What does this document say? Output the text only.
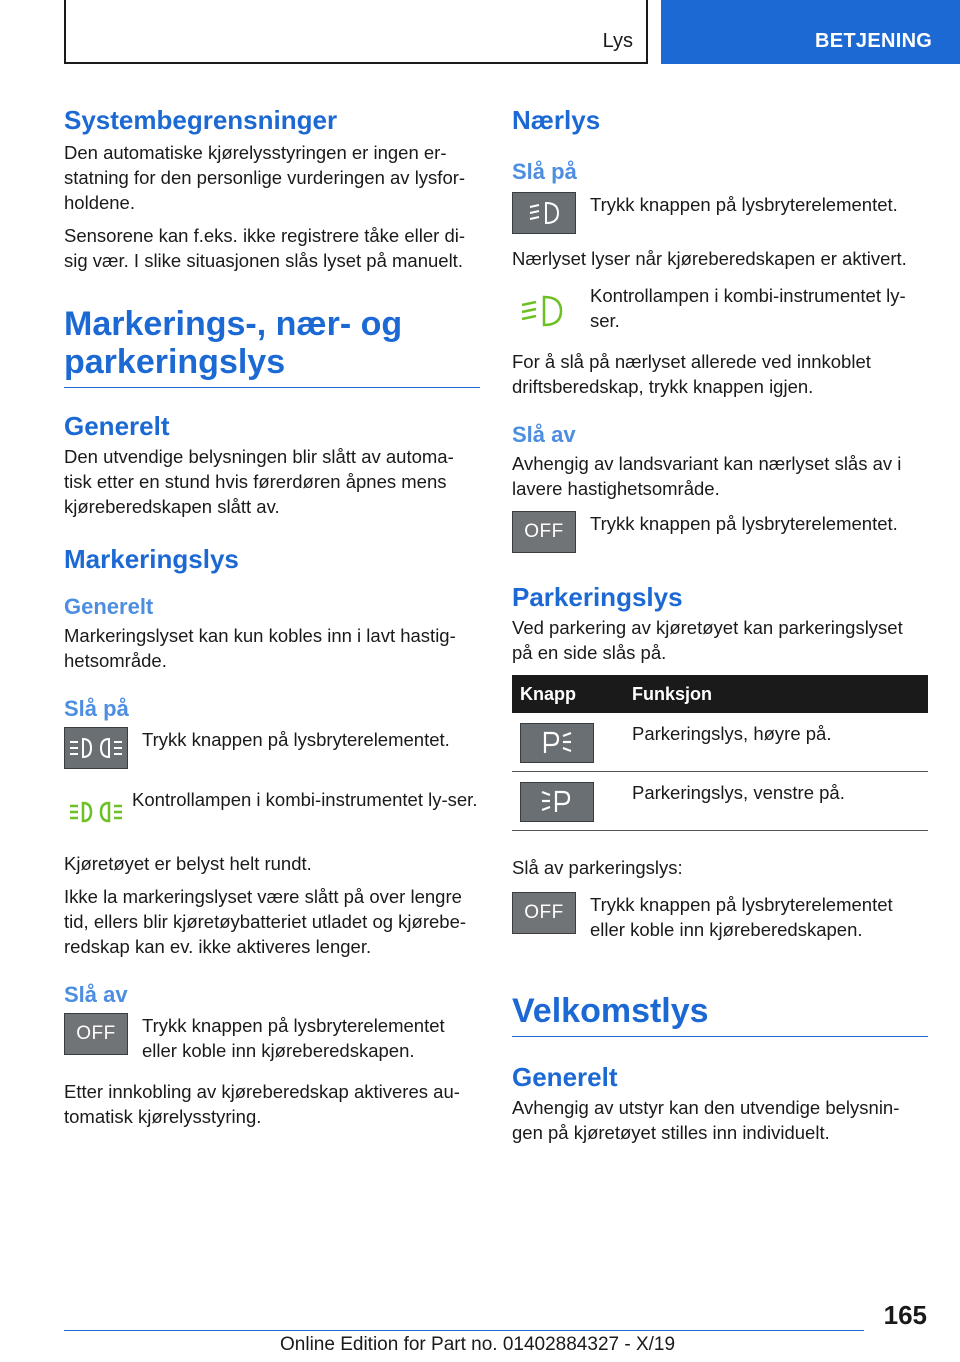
Lys	BETJENING
Systembegrensninger

Den automatiske kjørelysstyringen er ingen er-statning for den personlige vurderingen av lysfor-holdene.

Sensorene kan f.eks. ikke registrere tåke eller di-sig vær. I slike situasjonen slås lyset på manuelt.

Markerings-, nær- og parkeringslys
Generelt

Den utvendige belysningen blir slått av automa-tisk etter en stund hvis førerdøren åpnes mens kjøreberedskapen slått av.

Markeringslys
Generelt

Markeringslyset kan kun kobles inn i lavt hastig-hetsområde.

Slå på

Trykk knappen på lysbryterelementet.

Kontrollampen i kombi-instrumentet ly-ser.

Kjøretøyet er belyst helt rundt.

Ikke la markeringslyset være slått på over lengre tid, ellers blir kjøretøybatteriet utladet og kjørebe-redskap kan ev. ikke aktiveres lenger.

Slå av
OFF Trykk knappen på lysbryterelementet eller koble inn kjøreberedskapen.

Etter innkobling av kjøreberedskap aktiveres au-tomatisk kjørelysstyring.

Nærlys
Slå på

Trykk knappen på lysbryterelementet.

Nærlyset lyser når kjøreberedskapen er aktivert.

Kontrollampen i kombi-instrumentet ly-ser.

For å slå på nærlyset allerede ved innkoblet driftsberedskap, trykk knappen igjen.

Slå av

Avhengig av landsvariant kan nærlyset slås av i lavere hastighetsområde.

OFF Trykk knappen på lysbryterelementet.

Parkeringslys

Ved parkering av kjøretøyet kan parkeringslyset på en side slås på.

Knapp	Funksjon

	Parkeringslys, høyre på.

	Parkeringslys, venstre på.

Slå av parkeringslys:

OFF Trykk knappen på lysbryterelementet eller koble inn kjøreberedskapen.

Velkomstlys
Generelt

Avhengig av utstyr kan den utvendige belysnin-gen på kjøretøyet stilles inn individuelt.

165
Online Edition for Part no. 01402884327 - X/19
